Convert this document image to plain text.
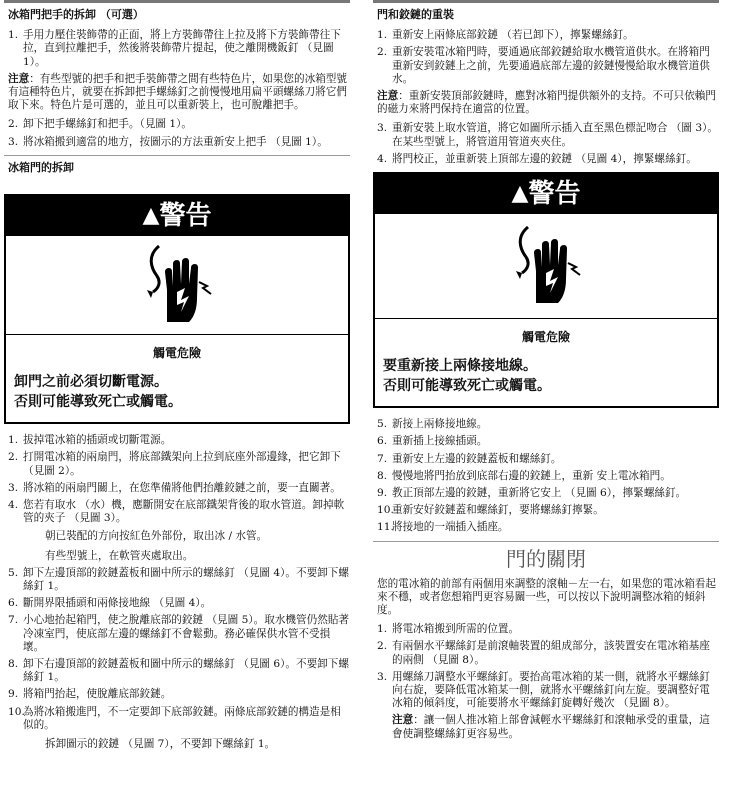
冰箱門把手的拆卸 （可選）
1. 手用力壓住裝飾帶的正面，將上方裝飾帶往上拉及將下方裝飾帶往下拉，直到拉離把手，然後將裝飾帶片提起，使之離開機鈑釘 （見圖 1）。

注意：有些型號的把手和把手裝飾帶之間有些特色片，如果您的冰箱型號有這種特色片，就要在拆卸把手螺絲釘之前慢慢地用扁平頭螺絲刀將它們取下來。特色片是可選的，並且可以重新裝上，也可脫離把手。

2. 卸下把手螺絲釘和把手。（見圖 1）。
3. 將冰箱搬到適當的地方，按圖示的方法重新安上把手 （見圖 1）。
冰箱門的拆卸
▲警告
觸電危險
卸門之前必須切斷電源。
否則可能導致死亡或觸電。
1. 拔掉電冰箱的插頭或切斷電源。
2. 打開電冰箱的兩扇門，將底部鐵架向上拉到底座外部邊緣，把它卸下 （見圖 2）。
3. 將冰箱的兩扇門關上，在您準備將他們抬離鉸鏈之前，要一直關著。
4. 您若有取水 （水）機，應斷開安在底部鐵架背後的取水管道。卸掉軟管的夾子 （見圖 3）。
朝已裝配的方向按紅色外部份，取出冰 / 水管。
有些型號上，在軟管夾處取出。
5. 卸下左邊頂部的鉸鏈蓋板和圖中所示的螺絲釘 （見圖 4）。不要卸下螺絲釘 1。
6. 斷開界限插頭和兩條接地線 （見圖 4）。
7. 小心地抬起箱門，使之脫離底部的鉸鏈 （見圖 5）。取水機管仍然貼著冷凍室門，使底部左邊的螺絲釘不會鬆動。務必確保供水管不受損壞。
8. 卸下右邊頂部的鉸鏈蓋板和圖中所示的螺絲釘 （見圖 6）。不要卸下螺絲釘 1。
9. 將箱門抬起，使脫離底部鉸鏈。
10.
為將冰箱搬進門，不一定要卸下底部鉸鏈。兩條底部鉸鏈的構造是相似的。
拆卸圖示的鉸鏈 （見圖 7），不要卸下螺絲釘 1。
門和鉸鏈的重裝
1. 重新安上兩條底部鉸鏈 （若已卸下），擰緊螺絲釘。
2. 重新安裝電冰箱門時，要通過底部鉸鏈給取水機管道供水。在將箱門重新安到鉸鏈上之前，先要通過底部左邊的鉸鏈慢慢給取水機管道供水。

注意：重新安裝頂部鉸鏈時，應對冰箱門提供額外的支持。不可只依賴門的磁力來將門保持在適當的位置。

3. 重新安裝上取水管道，將它如圖所示插入直至黑色標記吻合 （圖 3）。在某些型號上，將管道用管道夾夾住。
4. 將門校正，並重新裝上頂部左邊的鉸鏈 （見圖 4），擰緊螺絲釘。
▲警告
觸電危險
要重新接上兩條接地線。
否則可能導致死亡或觸電。
5. 新接上兩條接地線。
6. 重新插上接線插頭。
7. 重新安上左邊的鉸鏈蓋板和螺絲釘。
8. 慢慢地將門抬放到底部右邊的鉸鏈上，重新 安上電冰箱門。
9. 教正頂部左邊的鉸鏈，重新將它安上 （見圖 6），擰緊螺絲釘。
10.
重新安好鉸鏈蓋和螺絲釘，要將螺絲釘擰緊。
11.
將接地的一端插入插座。
門的關閉

您的電冰箱的前部有兩個用來調整的滾軸－左一右，如果您的電冰箱看起來不穩，或者您想箱門更容易關一些，可以按以下說明調整冰箱的傾斜度。

1. 將電冰箱搬到所需的位置。
2. 有兩個水平螺絲釘是前滾軸裝置的組成部分，該裝置安在電冰箱基座的兩側 （見圖 8）。
3. 用螺絲刀調整水平螺絲釘。要抬高電冰箱的某一側，就將水平螺絲釘向右旋，要降低電冰箱某一側，就將水平螺絲釘向左旋。要調整好電冰箱的傾斜度，可能要將水平螺絲釘旋轉好幾次 （見圖 8）。
注意：讓一個人推冰箱上部會減輕水平螺絲釘和滾軸承受的重量，這會使調整螺絲釘更容易些。
